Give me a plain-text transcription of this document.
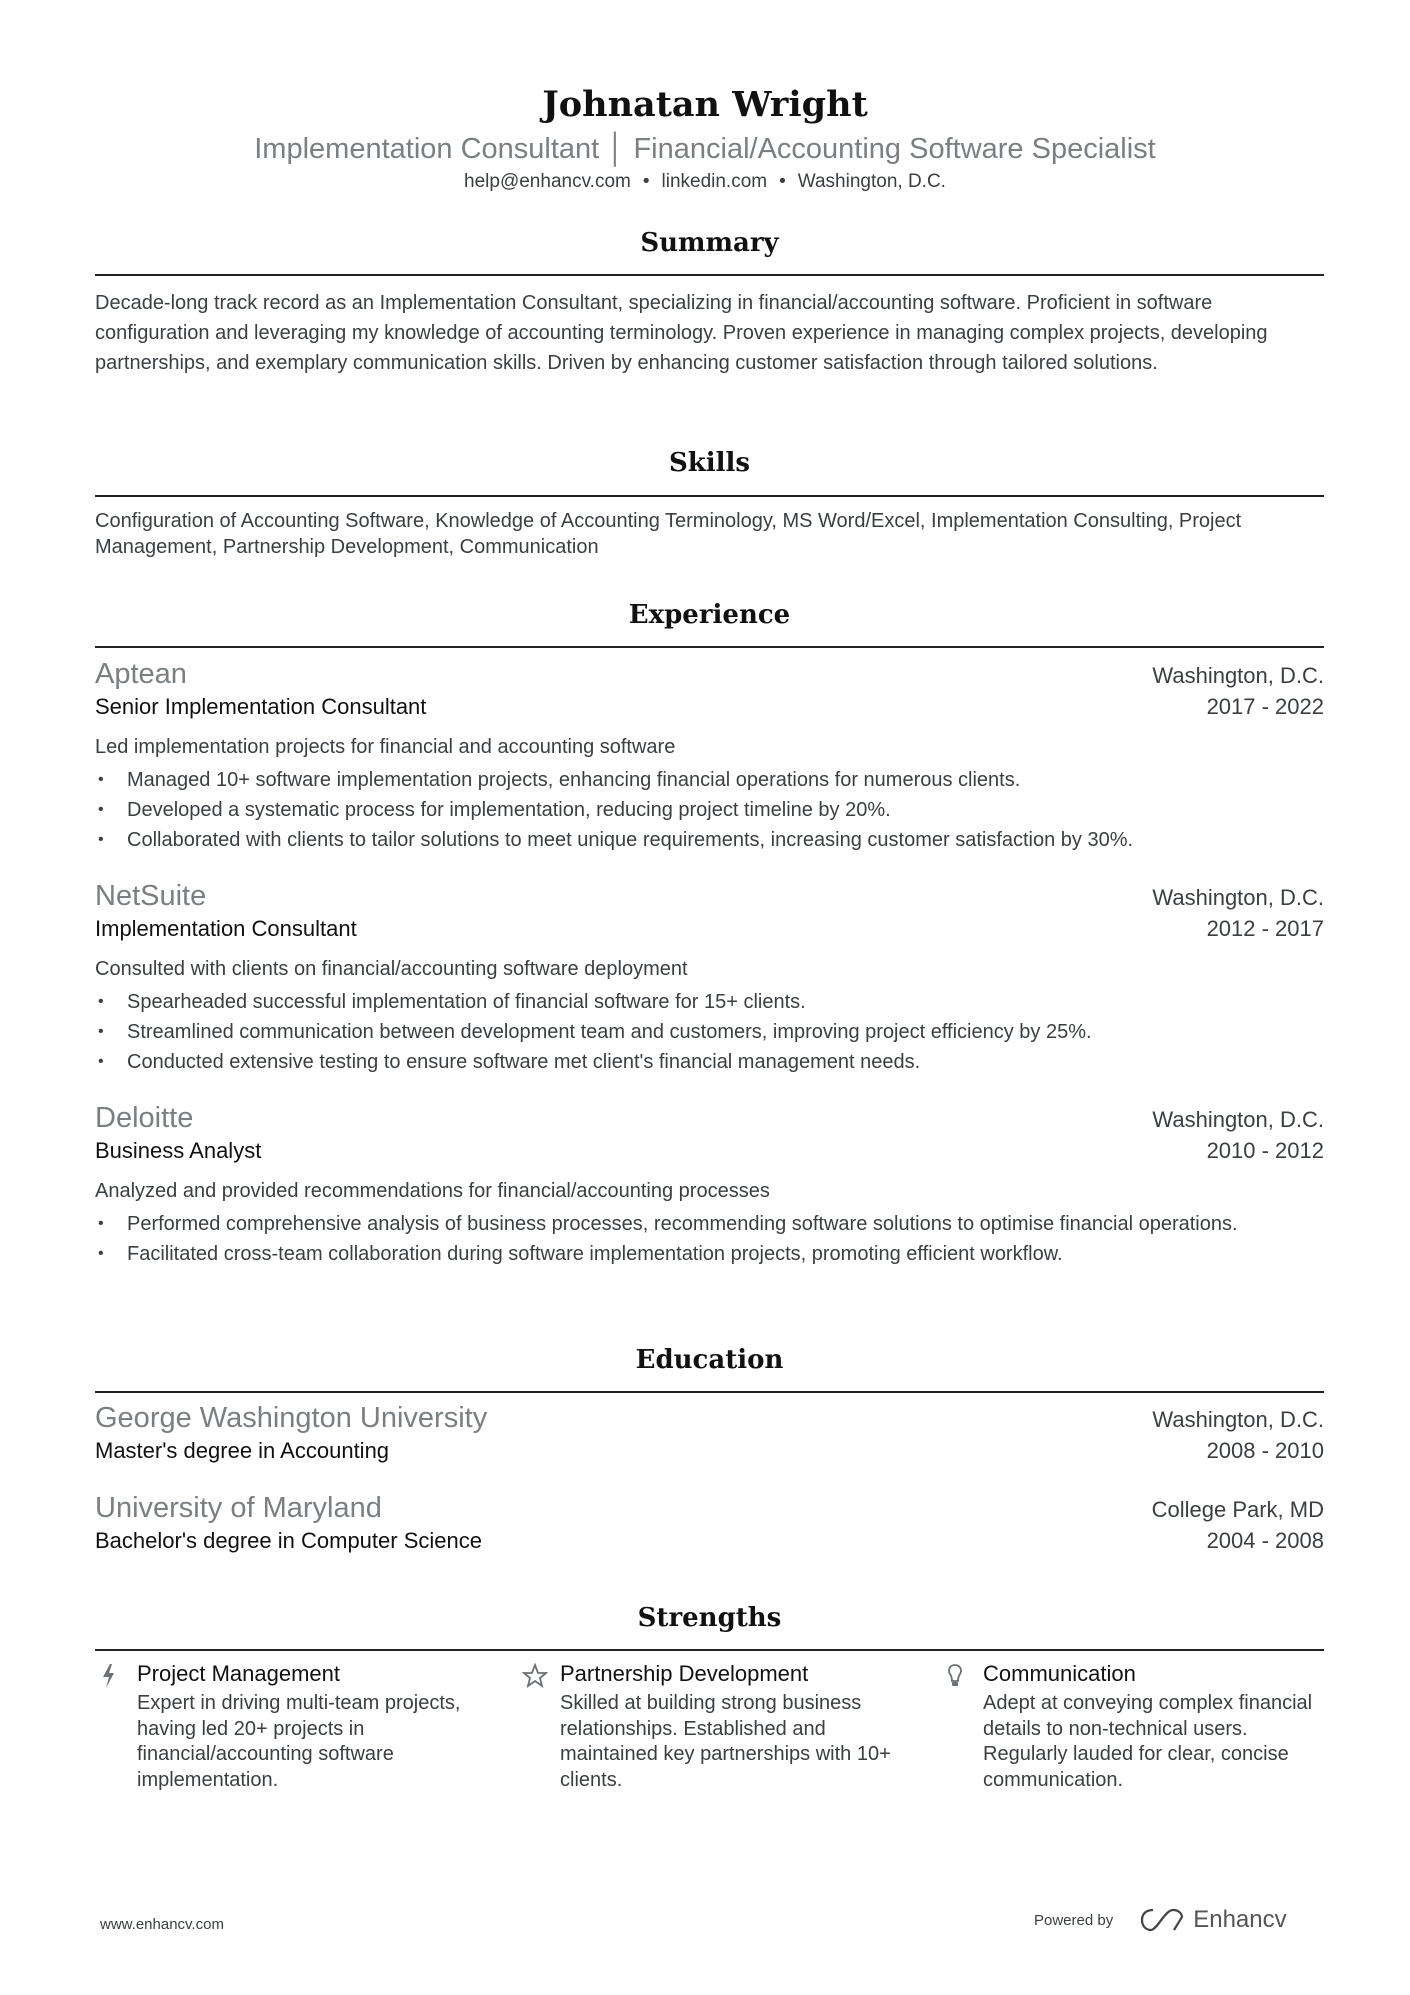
Johnatan Wright
Implementation Consultant │ Financial/Accounting Software Specialist
help@enhancv.com • linkedin.com • Washington, D.C.
Summary
Decade-long track record as an Implementation Consultant, specializing in financial/accounting software. Proficient in software configuration and leveraging my knowledge of accounting terminology. Proven experience in managing complex projects, developing partnerships, and exemplary communication skills. Driven by enhancing customer satisfaction through tailored solutions.
Skills
Configuration of Accounting Software, Knowledge of Accounting Terminology, MS Word/Excel, Implementation Consulting, Project Management, Partnership Development, Communication
Experience
Aptean	Washington, D.C.
Senior Implementation Consultant	2017 - 2022
Led implementation projects for financial and accounting software
• Managed 10+ software implementation projects, enhancing financial operations for numerous clients.
• Developed a systematic process for implementation, reducing project timeline by 20%.
• Collaborated with clients to tailor solutions to meet unique requirements, increasing customer satisfaction by 30%.
NetSuite	Washington, D.C.
Implementation Consultant	2012 - 2017
Consulted with clients on financial/accounting software deployment
• Spearheaded successful implementation of financial software for 15+ clients.
• Streamlined communication between development team and customers, improving project efficiency by 25%.
• Conducted extensive testing to ensure software met client's financial management needs.
Deloitte	Washington, D.C.
Business Analyst	2010 - 2012
Analyzed and provided recommendations for financial/accounting processes
• Performed comprehensive analysis of business processes, recommending software solutions to optimise financial operations.
• Facilitated cross-team collaboration during software implementation projects, promoting efficient workflow.
Education
George Washington University	Washington, D.C.
Master's degree in Accounting	2008 - 2010
University of Maryland	College Park, MD
Bachelor's degree in Computer Science	2004 - 2008
Strengths
Project Management
Expert in driving multi-team projects, having led 20+ projects in financial/accounting software implementation.
Partnership Development
Skilled at building strong business relationships. Established and maintained key partnerships with 10+ clients.
Communication
Adept at conveying complex financial details to non-technical users. Regularly lauded for clear, concise communication.
www.enhancv.com	Powered by	Enhancv
